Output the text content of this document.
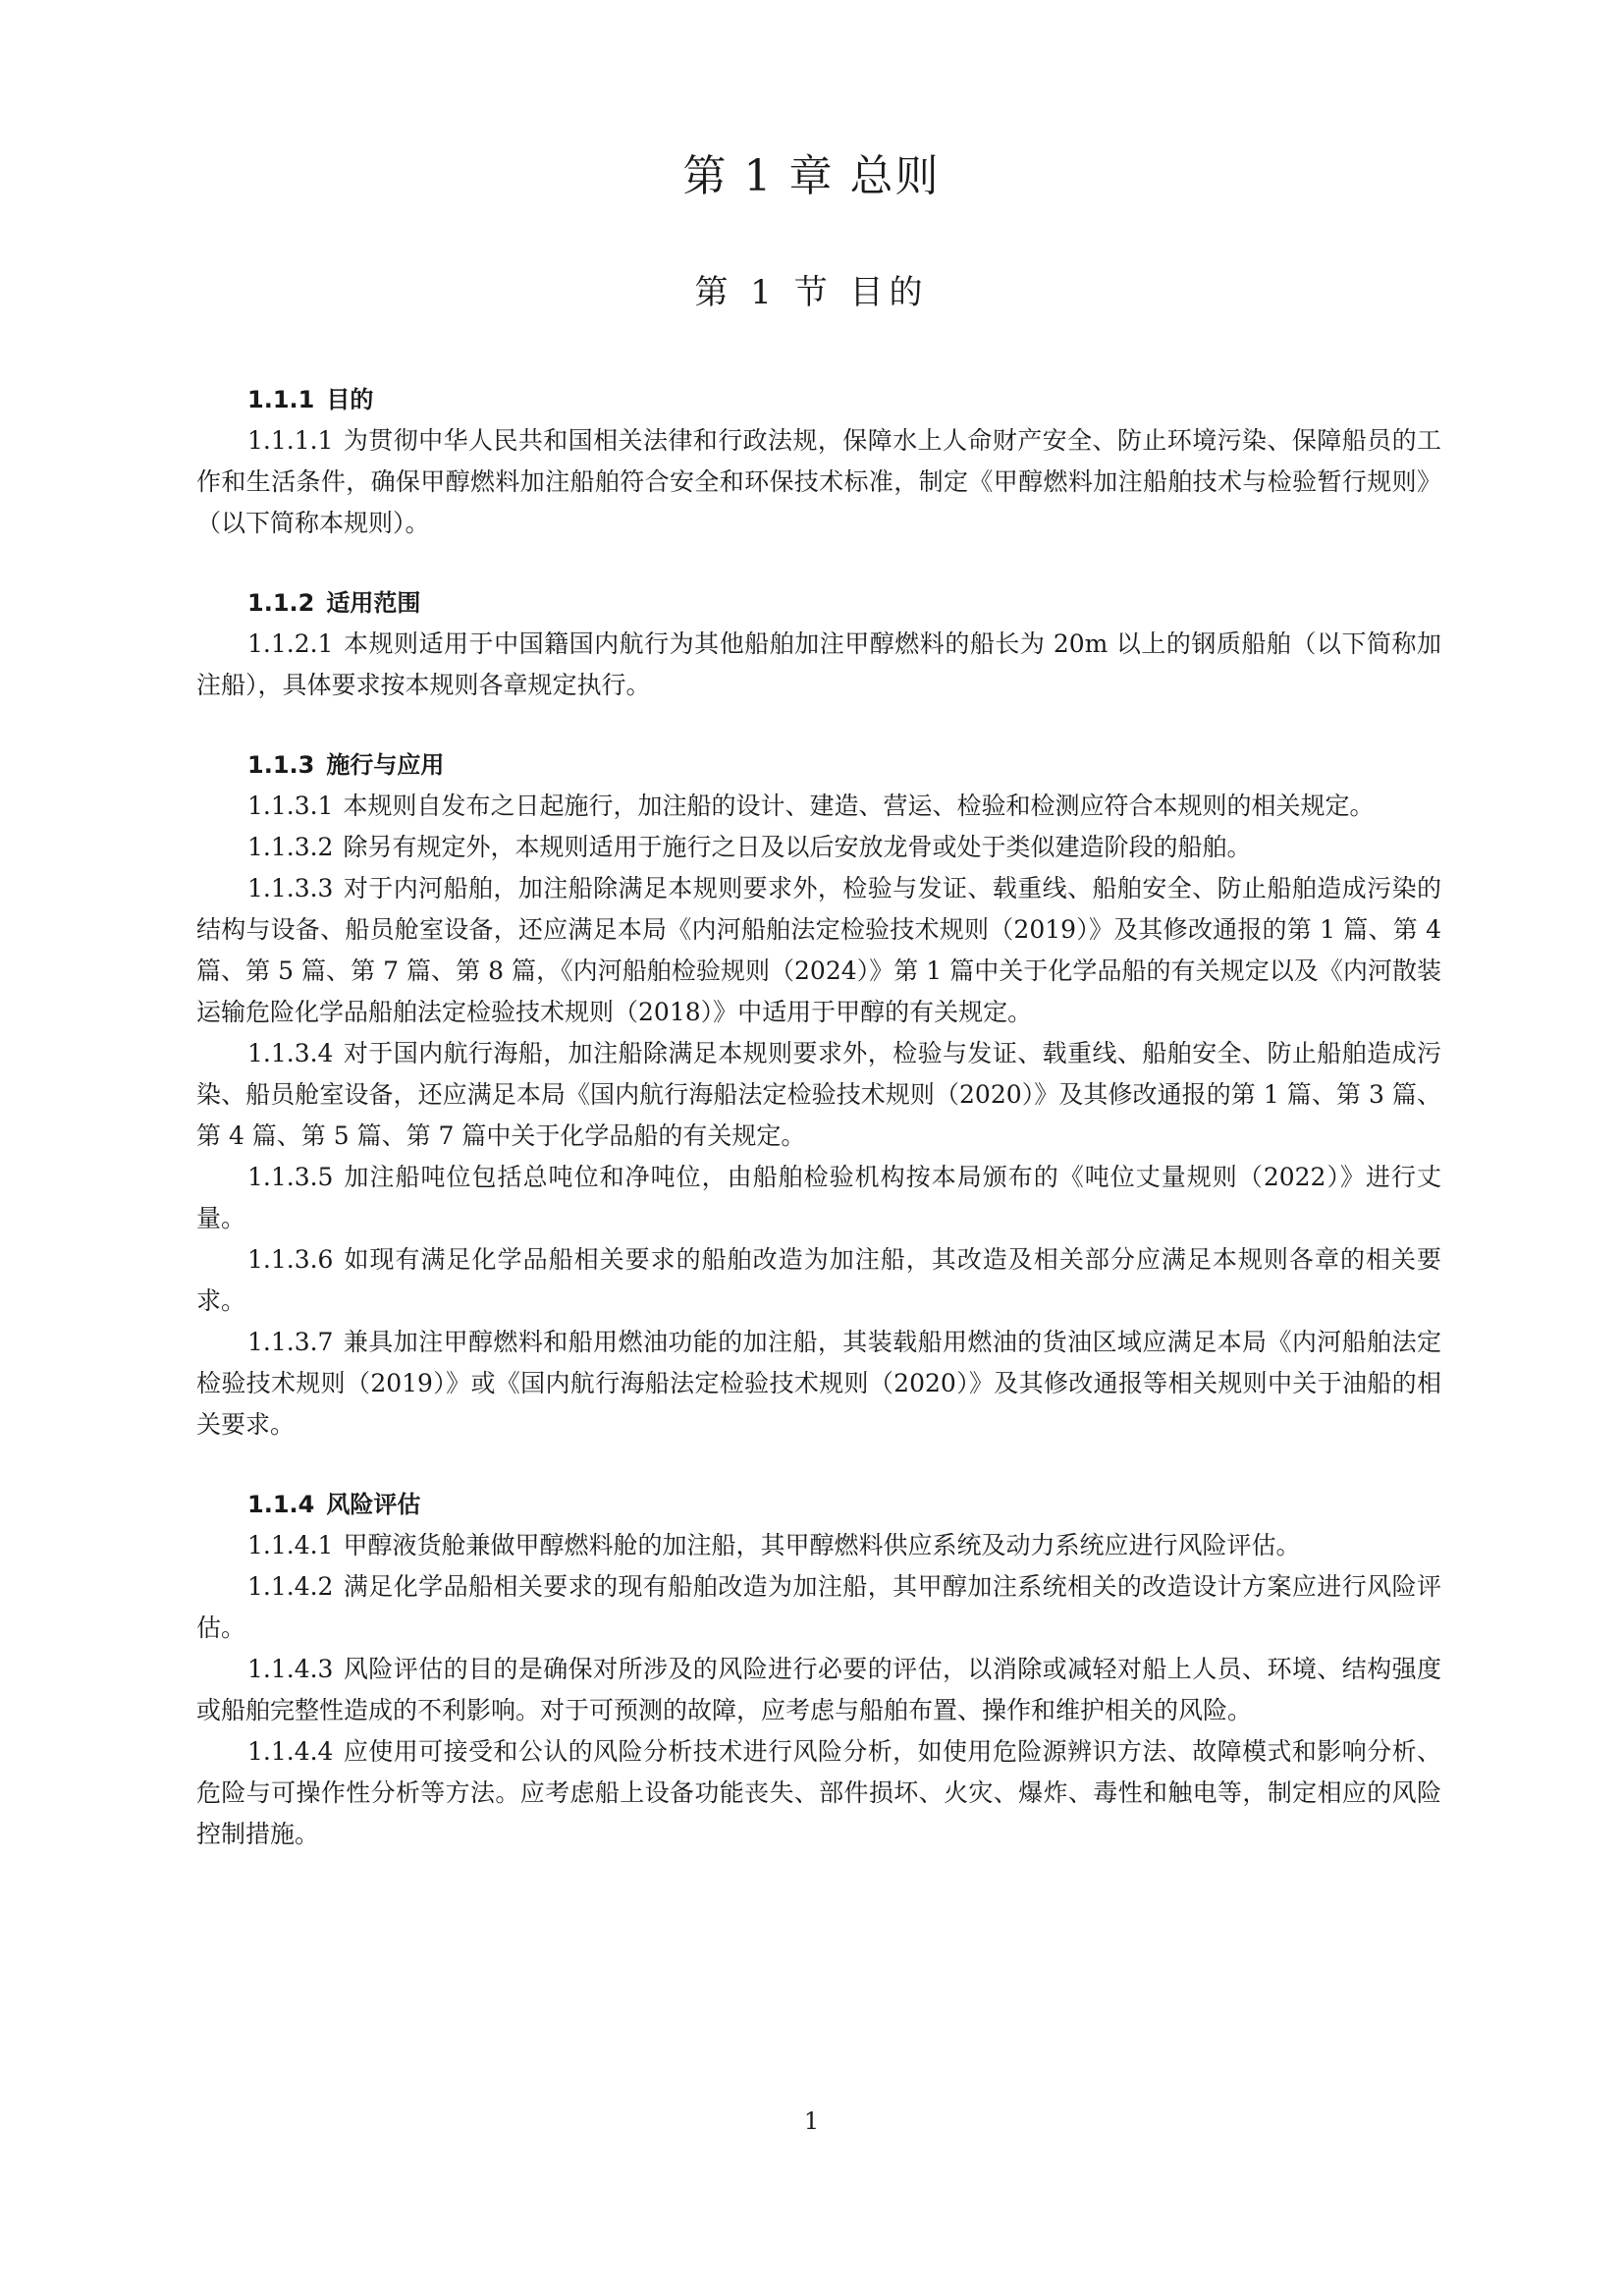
第 1 章 总则
第 1 节 目的
1.1.1 目的

1.1.1.1 为贯彻中华人民共和国相关法律和行政法规，保障水上人命财产安全、防止环境污染、保障船员的工作和生活条件，确保甲醇燃料加注船舶符合安全和环保技术标准，制定《甲醇燃料加注船舶技术与检验暂行规则》（以下简称本规则）。

1.1.2 适用范围

1.1.2.1 本规则适用于中国籍国内航行为其他船舶加注甲醇燃料的船长为 20m 以上的钢质船舶（以下简称加注船），具体要求按本规则各章规定执行。

1.1.3 施行与应用

1.1.3.1 本规则自发布之日起施行，加注船的设计、建造、营运、检验和检测应符合本规则的相关规定。

1.1.3.2 除另有规定外，本规则适用于施行之日及以后安放龙骨或处于类似建造阶段的船舶。

1.1.3.3 对于内河船舶，加注船除满足本规则要求外，检验与发证、载重线、船舶安全、防止船舶造成污染的结构与设备、船员舱室设备，还应满足本局《内河船舶法定检验技术规则（2019）》及其修改通报的第 1 篇、第 4 篇、第 5 篇、第 7 篇、第 8 篇，《内河船舶检验规则（2024）》第 1 篇中关于化学品船的有关规定以及《内河散装运输危险化学品船舶法定检验技术规则（2018）》中适用于甲醇的有关规定。

1.1.3.4 对于国内航行海船，加注船除满足本规则要求外，检验与发证、载重线、船舶安全、防止船舶造成污染、船员舱室设备，还应满足本局《国内航行海船法定检验技术规则（2020）》及其修改通报的第 1 篇、第 3 篇、第 4 篇、第 5 篇、第 7 篇中关于化学品船的有关规定。

1.1.3.5 加注船吨位包括总吨位和净吨位，由船舶检验机构按本局颁布的《吨位丈量规则（2022）》进行丈量。

1.1.3.6 如现有满足化学品船相关要求的船舶改造为加注船，其改造及相关部分应满足本规则各章的相关要求。

1.1.3.7 兼具加注甲醇燃料和船用燃油功能的加注船，其装载船用燃油的货油区域应满足本局《内河船舶法定检验技术规则（2019）》或《国内航行海船法定检验技术规则（2020）》及其修改通报等相关规则中关于油船的相关要求。

1.1.4 风险评估

1.1.4.1 甲醇液货舱兼做甲醇燃料舱的加注船，其甲醇燃料供应系统及动力系统应进行风险评估。

1.1.4.2 满足化学品船相关要求的现有船舶改造为加注船，其甲醇加注系统相关的改造设计方案应进行风险评估。

1.1.4.3 风险评估的目的是确保对所涉及的风险进行必要的评估，以消除或减轻对船上人员、环境、结构强度或船舶完整性造成的不利影响。对于可预测的故障，应考虑与船舶布置、操作和维护相关的风险。

1.1.4.4 应使用可接受和公认的风险分析技术进行风险分析，如使用危险源辨识方法、故障模式和影响分析、危险与可操作性分析等方法。应考虑船上设备功能丧失、部件损坏、火灾、爆炸、毒性和触电等，制定相应的风险控制措施。

1
